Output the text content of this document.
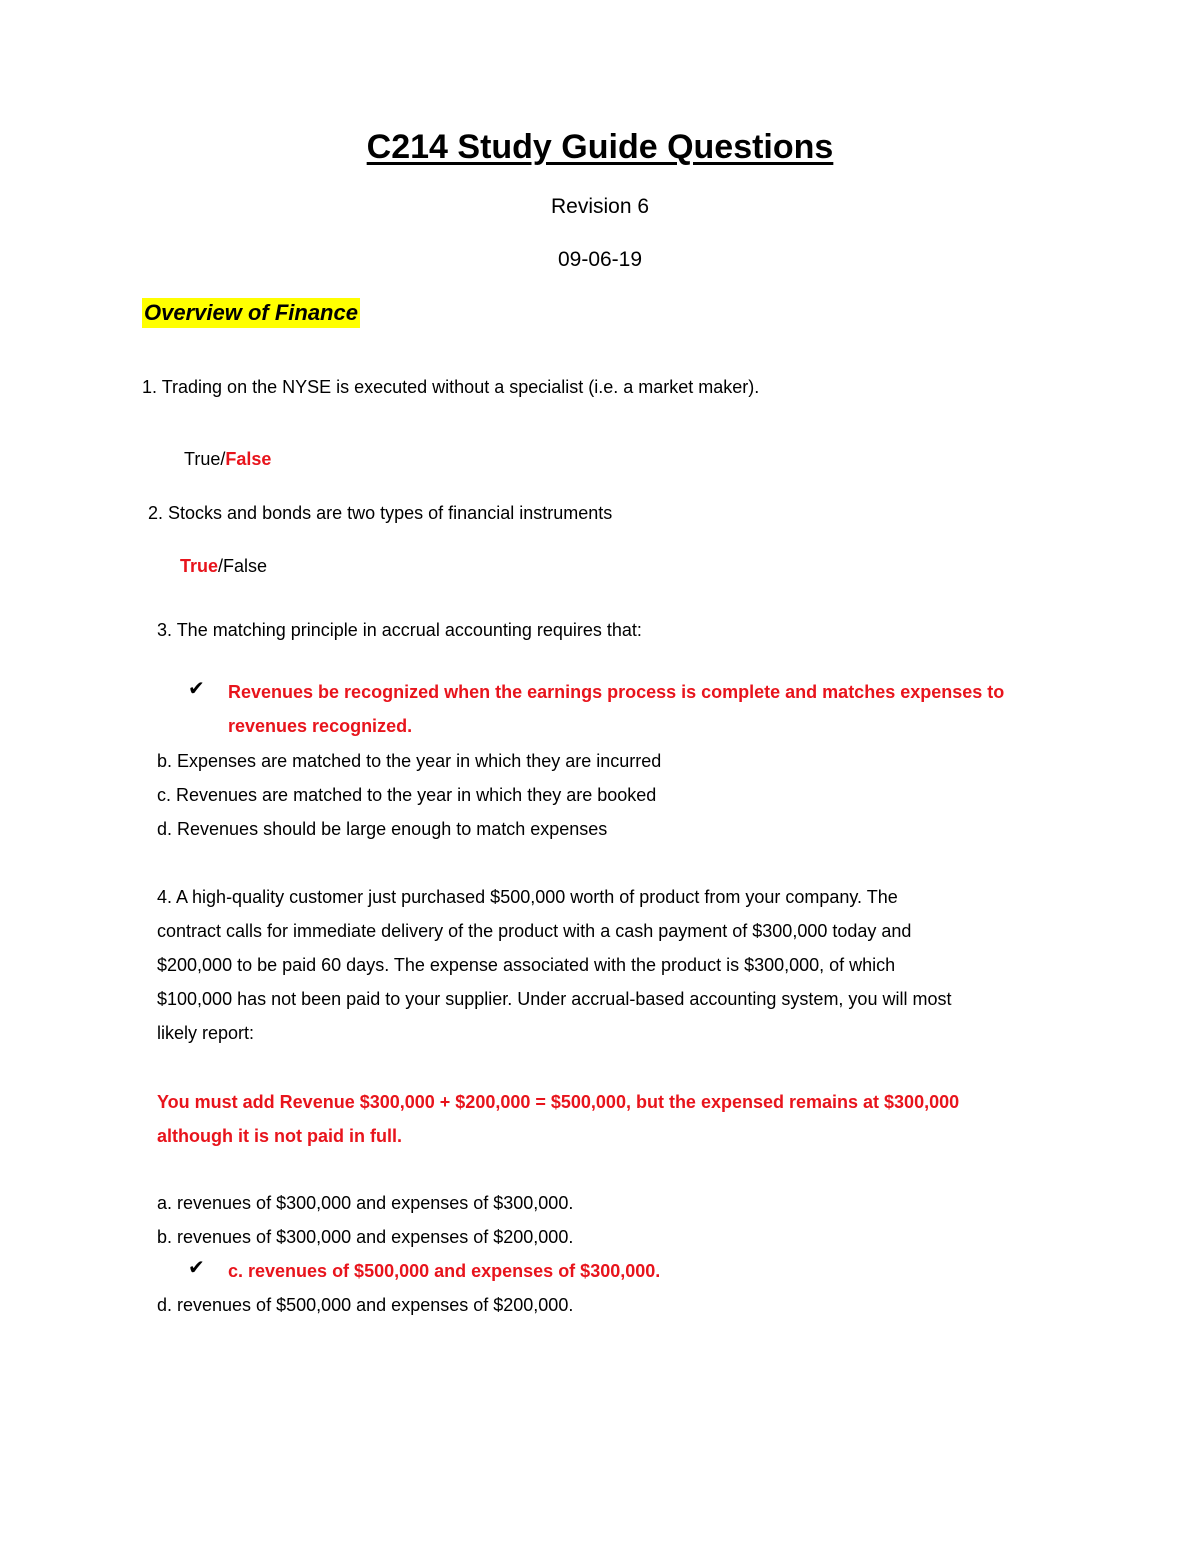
C214 Study Guide Questions
Revision 6
09-06-19
Overview of Finance
1. Trading on the NYSE is executed without a specialist (i.e. a market maker).
True/False
2. Stocks and bonds are two types of financial instruments
True/False
3. The matching principle in accrual accounting requires that:
✔ Revenues be recognized when the earnings process is complete and matches expenses to
revenues recognized.
b. Expenses are matched to the year in which they are incurred
c. Revenues are matched to the year in which they are booked
d. Revenues should be large enough to match expenses
4. A high-quality customer just purchased $500,000 worth of product from your company. The
contract calls for immediate delivery of the product with a cash payment of $300,000 today and
$200,000 to be paid 60 days. The expense associated with the product is $300,000, of which
$100,000 has not been paid to your supplier. Under accrual-based accounting system, you will most
likely report:
You must add Revenue $300,000 + $200,000 = $500,000, but the expensed remains at $300,000
although it is not paid in full.
a. revenues of $300,000 and expenses of $300,000.
b. revenues of $300,000 and expenses of $200,000.
✔ c. revenues of $500,000 and expenses of $300,000.
d. revenues of $500,000 and expenses of $200,000.
